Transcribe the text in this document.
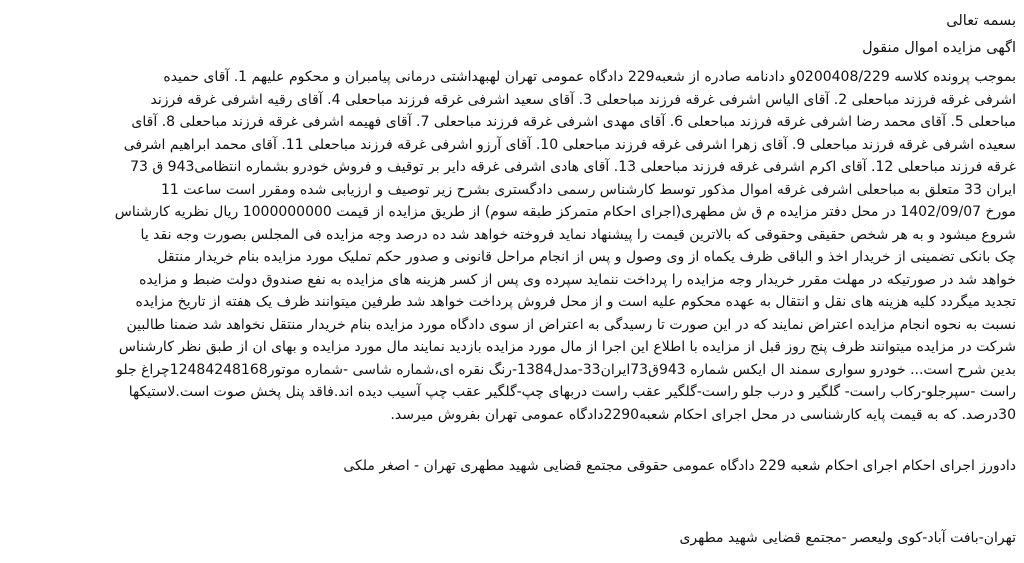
بسمه تعالی
اگهی مزایده اموال منقول
بموجب پرونده کلاسه 0200408/229و دادنامه صادره از شعبه229 دادگاه عمومی تهران لهبهداشتی درمانی پیامبران و محکوم علیهم 1. آقای حمیده
اشرفی غرقه فرزند مباحعلی 2. آقای الیاس اشرفی غرقه فرزند مباحعلی 3. آقای سعید اشرفی غرقه فرزند مباحعلی 4. آقای رقیه اشرفی غرقه فرزند
مباحعلی 5. آقای محمد رضا اشرفی غرقه فرزند مباحعلی 6. آقای مهدی اشرفی غرقه فرزند مباحعلی 7. آقای فهیمه اشرفی غرقه فرزند مباحعلی 8. آقای
سعیده اشرفی غرقه فرزند مباحعلی 9. آقای زهرا اشرفی غرقه فرزند مباحعلی 10. آقای آرزو اشرفی غرقه فرزند مباحعلی 11. آقای محمد ابراهیم اشرفی
غرقه فرزند مباحعلی 12. آقای اکرم اشرفی غرقه فرزند مباحعلی 13. آقای هادی اشرفی غرقه دایر بر توقیف و فروش خودرو بشماره انتظامی943 ق 73
ایران 33 متعلق به مباحعلی اشرفی غرقه اموال مذکور توسط کارشناس رسمی دادگستری بشرح زیر توصیف و ارزیابی شده ومقرر است ساعت 11
مورخ 1402/09/07 در محل دفتر مزایده م ق ش مطهری(اجرای احکام متمرکز طبقه سوم) از طریق مزایده از قیمت 1000000000 ریال نظریه کارشناس
شروع میشود و به هر شخص حقیقی وحقوقی که بالاترین قیمت را پیشنهاد نماید فروخته خواهد شد ده درصد وجه مزایده فی المجلس بصورت وجه نقد یا
چک بانکی تضمینی از خریدار اخذ و الباقی ظرف یکماه از وی وصول و پس از انجام مراحل قانونی و صدور حکم تملیک مورد مزایده بنام خریدار منتقل
خواهد شد در صورتیکه در مهلت مقرر خریدار وجه مزایده را پرداخت ننماید سپرده وی پس از کسر هزینه های مزایده به نفع صندوق دولت ضبط و مزایده
تجدید میگردد کلیه هزینه های نقل و انتقال به عهده محکوم علیه است و از محل فروش پرداخت خواهد شد طرفین میتوانند ظرف یک هفته از تاریخ مزایده
نسبت به نحوه انجام مزایده اعتراض نمایند که در این صورت تا رسیدگی به اعتراض از سوی دادگاه مورد مزایده بنام خریدار منتقل نخواهد شد ضمنا طالبین
شرکت در مزایده میتوانند ظرف پنج روز قبل از مزایده با اطلاع این اجرا از مال مورد مزایده بازدید نمایند مال مورد مزایده و بهای ان از طبق نظر کارشناس
بدین شرح است... خودرو سواری سمند ال ایکس شماره 943ق73ایران33-مدل1384-رنگ نقره ای،شماره شاسی -شماره موتور12484248168چراغ جلو
راست -سپرجلو-رکاب راست- گلگیر و درب جلو راست-گلگیر عقب راست دربهای چپ-گلگیر عقب چپ آسیب دیده اند.فاقد پنل پخش صوت است.لاستیکها
30درصد. که به قیمت پایه کارشناسی در محل اجرای احکام شعبه2290دادگاه عمومی تهران بفروش میرسد.
دادورز اجرای احکام اجرای احکام شعبه 229 دادگاه عمومی حقوقی مجتمع قضایی شهید مطهری تهران - اصغر ملکی
تهران-بافت آباد-کوی ولیعصر -مجتمع قضایی شهید مطهری
